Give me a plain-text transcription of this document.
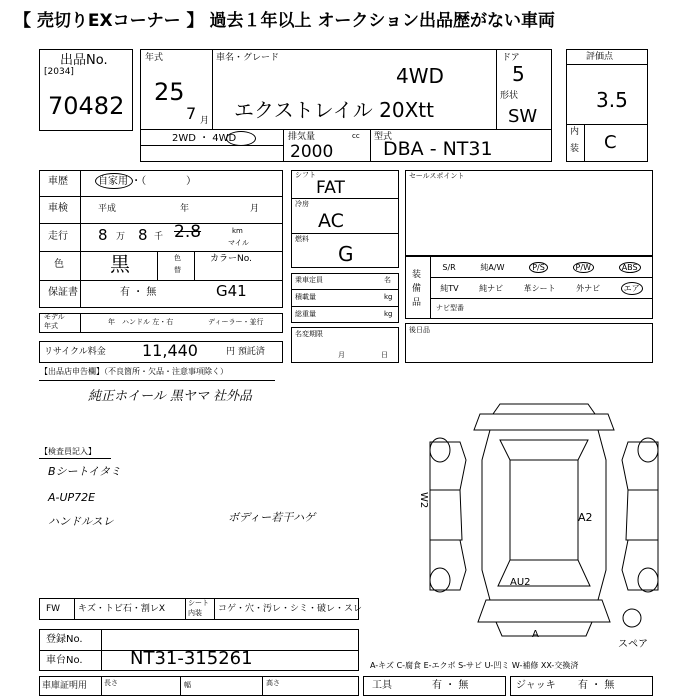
【 売切りEXコーナー 】 過去１年以上 オークション出品歴がない車両
出品No.
[2034]
70482
年式
25
7 月
車名・グレード
4WD
エクストレイル 20Xtt
ドア
5
形状
SW
2WD ・ 4WD	排気量	cc
2000
型式
DBA - NT31
評価点
3.5
内
装 C
車歴	自家用 ・（　　　　）
車検	平成	年	月
走行 8 万 8 千 2.8	km
マイル
色 黒	色
替
カラーNo.
保証書	有 ・ 無	G41
モデル
年式	年 ハンドル 左・右	ディーラー・並行
リサイクル料金 11,440	円 預託済
シフト
FAT
冷房
AC
燃料
G
乗車定員	名
積載量	kg
総重量	kg
名変期限
月日
セールスポイント
装備品
S/R	純A/W	P/S	P/W	ABS
純TV	純ナビ	革シート	外ナビ	エア
ナビ型番
後日品
【出品店申告欄】（不良箇所・欠品・注意事項除く）
純正ホイール 黒ヤマ 社外品
【検査員記入】
Bシートイタミ
A-UP72E
ハンドルスレ	ボディー若干ハゲ
W2
A2
AU2
A
スペア
FW キズ・トビ石・割レX
シート
内装 コゲ・穴・汚レ・シミ・破レ・スレ
登録No.
車台No.	NT31-315261	A-キズ C-腐食 E-エクボ S-サビ U-凹ミ W-補修 XX-交換済
車庫証明用 長さ	幅	高さ	工具	有 ・ 無	ジャッキ 有 ・ 無
